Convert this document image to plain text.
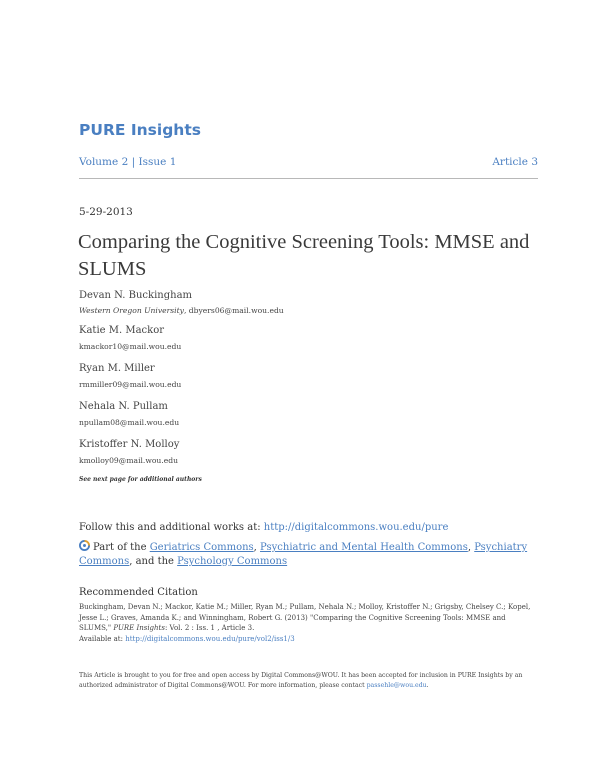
PURE Insights
Volume 2 | Issue 1	Article 3
5-29-2013
Comparing the Cognitive Screening Tools: MMSE and SLUMS
Devan N. Buckingham
Western Oregon University, dbyers06@mail.wou.edu
Katie M. Mackor
kmackor10@mail.wou.edu
Ryan M. Miller
rmmiller09@mail.wou.edu
Nehala N. Pullam
npullam08@mail.wou.edu
Kristoffer N. Molloy
kmolloy09@mail.wou.edu
See next page for additional authors
Follow this and additional works at: http://digitalcommons.wou.edu/pure
Part of the Geriatrics Commons, Psychiatric and Mental Health Commons, Psychiatry Commons, and the Psychology Commons
Recommended Citation
Buckingham, Devan N.; Mackor, Katie M.; Miller, Ryan M.; Pullam, Nehala N.; Molloy, Kristoffer N.; Grigsby, Chelsey C.; Kopel, Jesse L.; Graves, Amanda K.; and Winningham, Robert G. (2013) "Comparing the Cognitive Screening Tools: MMSE and SLUMS," PURE Insights: Vol. 2 : Iss. 1 , Article 3.
Available at: http://digitalcommons.wou.edu/pure/vol2/iss1/3
This Article is brought to you for free and open access by Digital Commons@WOU. It has been accepted for inclusion in PURE Insights by an authorized administrator of Digital Commons@WOU. For more information, please contact passehle@wou.edu.
